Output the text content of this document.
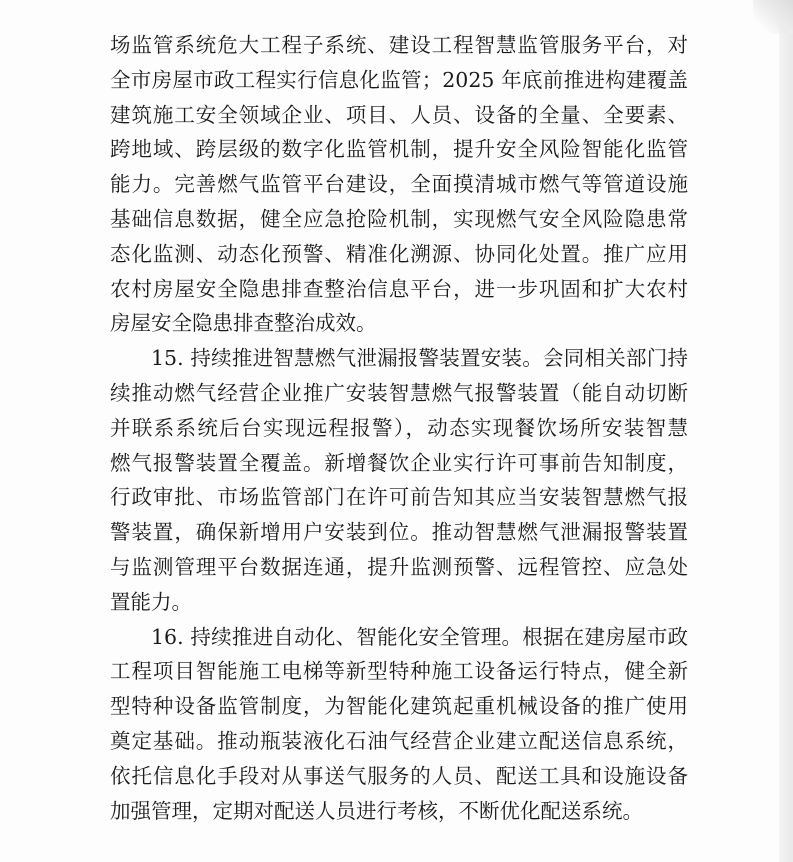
场监管系统危大工程子系统、建设工程智慧监管服务平台，对
全市房屋市政工程实行信息化监管；2025 年底前推进构建覆盖
建筑施工安全领域企业、项目、人员、设备的全量、全要素、
跨地域、跨层级的数字化监管机制，提升安全风险智能化监管
能力。完善燃气监管平台建设，全面摸清城市燃气等管道设施
基础信息数据，健全应急抢险机制，实现燃气安全风险隐患常
态化监测、动态化预警、精准化溯源、协同化处置。推广应用
农村房屋安全隐患排查整治信息平台，进一步巩固和扩大农村
房屋安全隐患排查整治成效。
15. 持续推进智慧燃气泄漏报警装置安装。会同相关部门持
续推动燃气经营企业推广安装智慧燃气报警装置（能自动切断
并联系系统后台实现远程报警），动态实现餐饮场所安装智慧
燃气报警装置全覆盖。新增餐饮企业实行许可事前告知制度，
行政审批、市场监管部门在许可前告知其应当安装智慧燃气报
警装置，确保新增用户安装到位。推动智慧燃气泄漏报警装置
与监测管理平台数据连通，提升监测预警、远程管控、应急处
置能力。
16. 持续推进自动化、智能化安全管理。根据在建房屋市政
工程项目智能施工电梯等新型特种施工设备运行特点，健全新
型特种设备监管制度，为智能化建筑起重机械设备的推广使用
奠定基础。推动瓶装液化石油气经营企业建立配送信息系统，
依托信息化手段对从事送气服务的人员、配送工具和设施设备
加强管理，定期对配送人员进行考核，不断优化配送系统。
